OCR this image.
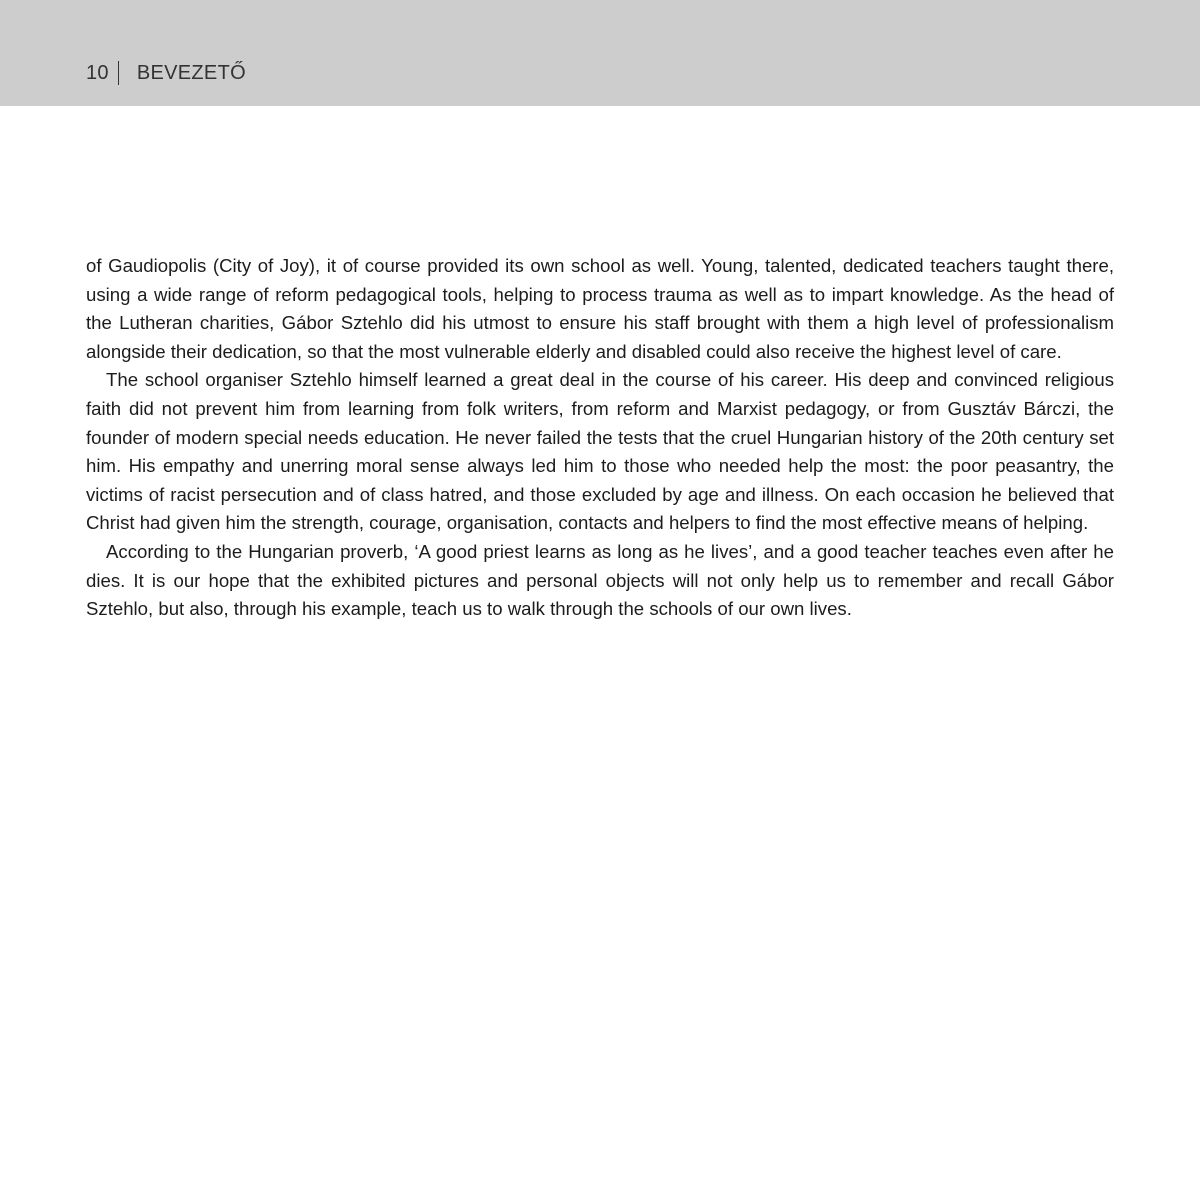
10 BEVEZETŐ

of Gaudiopolis (City of Joy), it of course provided its own school as well. Young, talented, dedicated teachers taught there, using a wide range of reform pedagogical tools, helping to process trauma as well as to impart knowledge. As the head of the Lutheran charities, Gábor Sztehlo did his utmost to ensure his staff brought with them a high level of professionalism alongside their dedication, so that the most vulnerable elderly and disabled could also receive the highest level of care.

The school organiser Sztehlo himself learned a great deal in the course of his career. His deep and convinced religious faith did not prevent him from learning from folk writers, from reform and Marxist pedagogy, or from Gusztáv Bárczi, the founder of modern special needs education. He never failed the tests that the cruel Hungarian history of the 20th century set him. His empathy and unerring moral sense always led him to those who needed help the most: the poor peasantry, the victims of racist persecution and of class hatred, and those excluded by age and illness. On each occasion he believed that Christ had given him the strength, courage, organisation, contacts and helpers to find the most effective means of helping.

According to the Hungarian proverb, ‘A good priest learns as long as he lives’, and a good teacher teaches even after he dies. It is our hope that the exhibited pictures and personal objects will not only help us to remember and recall Gábor Sztehlo, but also, through his example, teach us to walk through the schools of our own lives.
